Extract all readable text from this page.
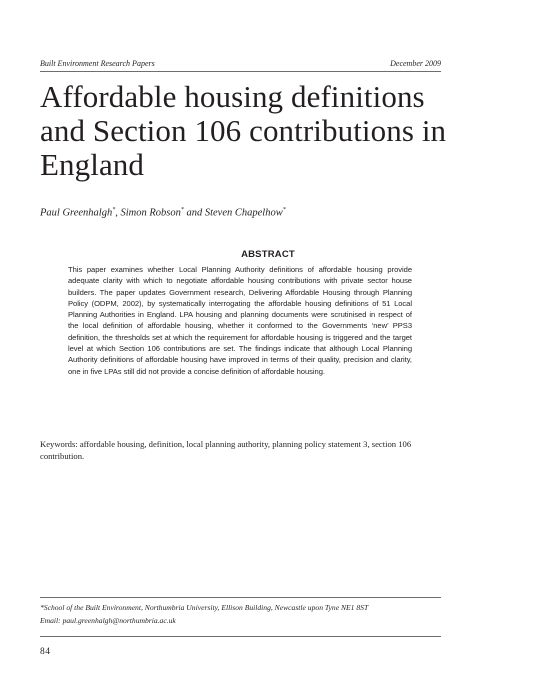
Built Environment Research Papers	December 2009
Affordable housing definitions and Section 106 contributions in England
Paul Greenhalgh*, Simon Robson* and Steven Chapelhow*
ABSTRACT

This paper examines whether Local Planning Authority definitions of affordable housing provide adequate clarity with which to negotiate affordable housing contributions with private sector house builders. The paper updates Government research, Delivering Affordable Housing through Planning Policy (ODPM, 2002), by systematically interrogating the affordable housing definitions of 51 Local Planning Authorities in England. LPA housing and planning documents were scrutinised in respect of the local definition of affordable housing, whether it conformed to the Governments ‘new’ PPS3 definition, the thresholds set at which the requirement for affordable housing is triggered and the target level at which Section 106 contributions are set. The findings indicate that although Local Planning Authority definitions of affordable housing have improved in terms of their quality, precision and clarity, one in five LPAs still did not provide a concise definition of affordable housing.

Keywords: affordable housing, definition, local planning authority, planning policy statement 3, section 106 contribution.

*School of the Built Environment, Northumbria University, Ellison Building, Newcastle upon Tyne NE1 8ST
Email: paul.greenhalgh@northumbria.ac.uk
84
